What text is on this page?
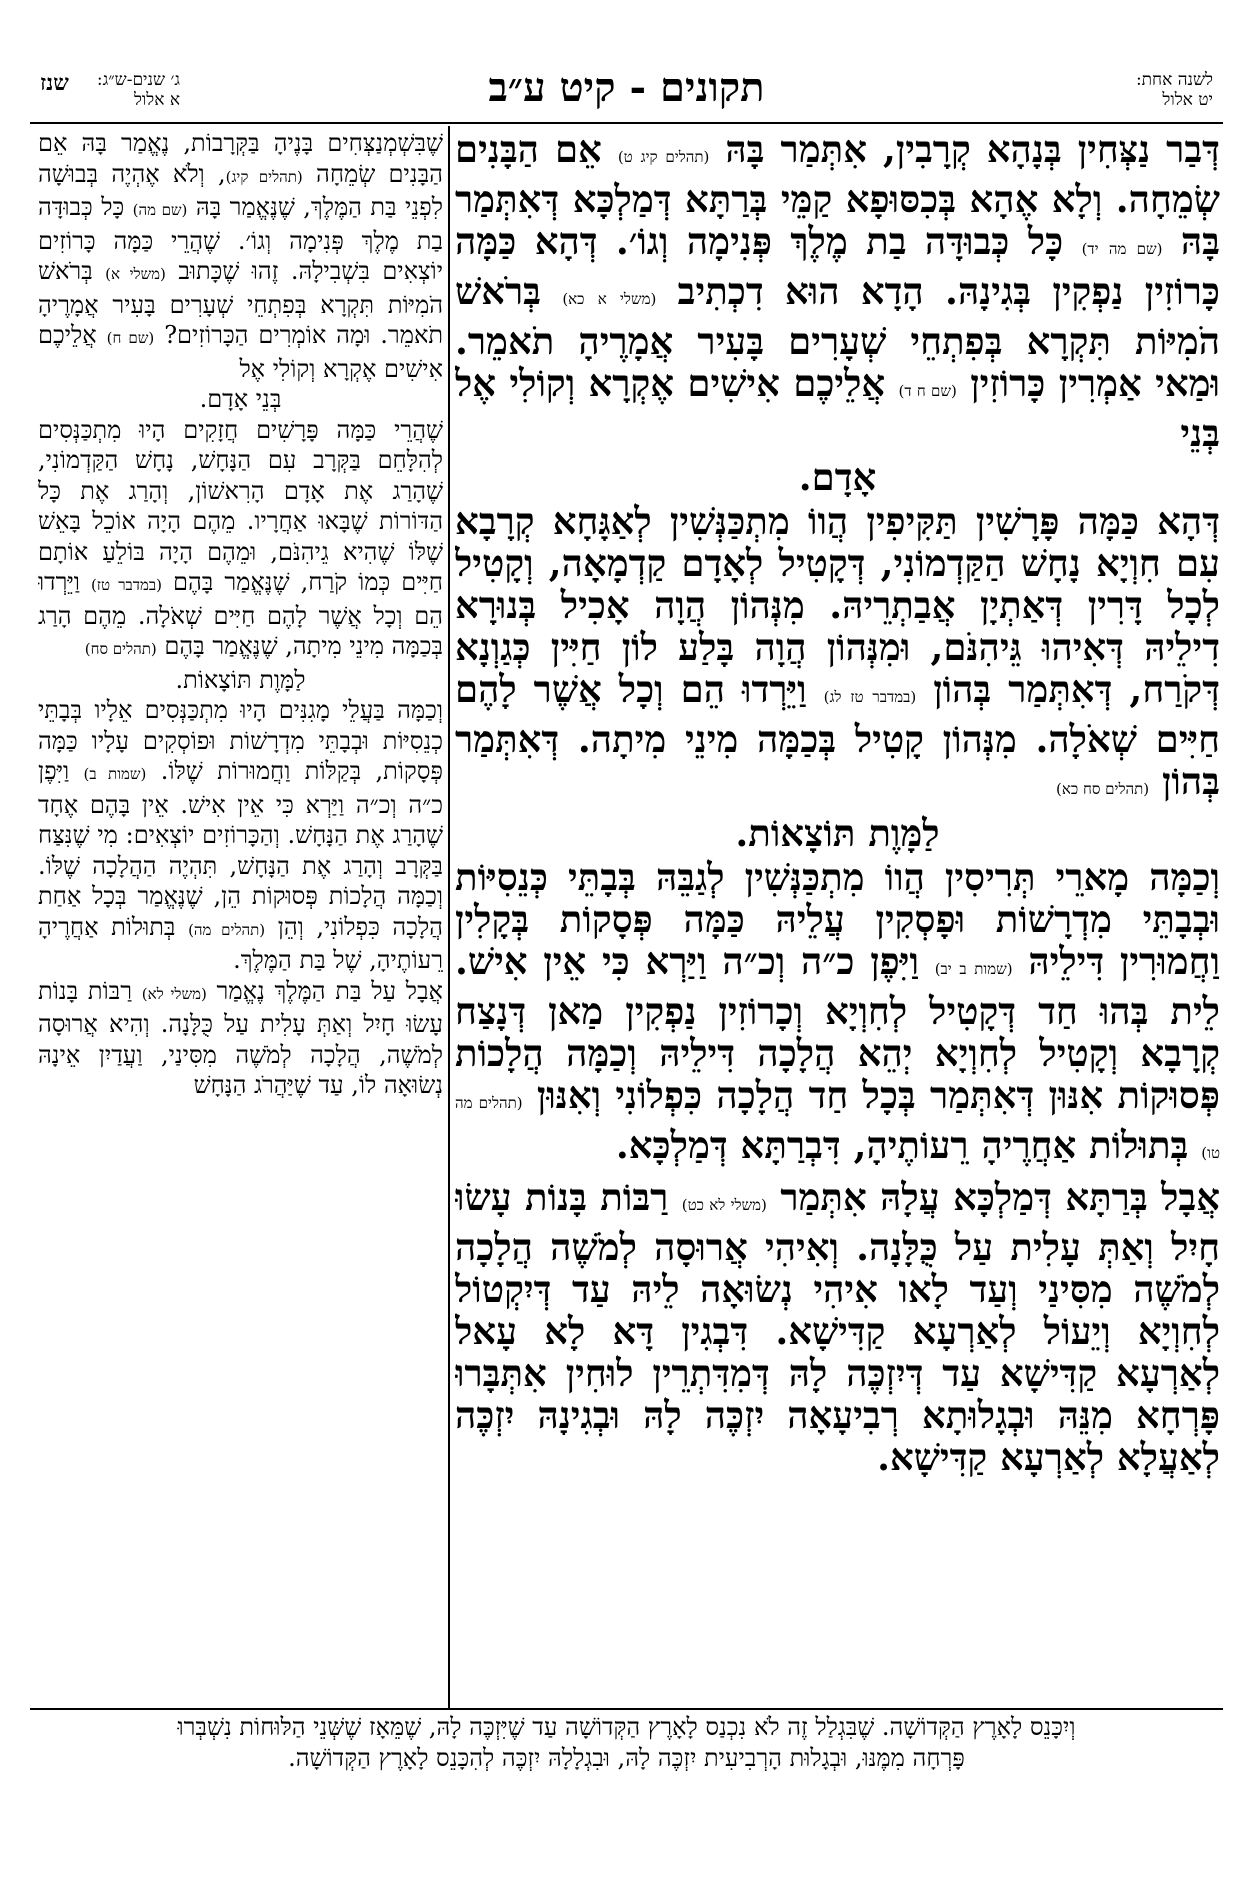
לשנה אחת:
יט אלול
תקונים - קיט ע״ב
שנז ג׳ שנים-ש״ג:
א אלול

דְּבַר נַצְּחִין בְּנָהָא קְרָבִין, אִתְּמַר בָּהּ (תהלים קיג ט) אֵם הַבָּנִים שְׂמֵחָה. וְלָא אֶהָא בְּכִסּוּפָא קַמֵּי בְּרַתָּא דְּמַלְכָּא דְּאִתְּמַר בָּהּ (שם מה יד) כָּל כְּבוּדָּה בַת מֶלֶךְ פְּנִימָה וְגוֹ׳. דְּהָא כַּמָּה כָּרוֹזִין נַפְקִין בְּגִינָהּ. הָדָא הוּא דִכְתִיב (משלי א כא) בְּרֹאשׁ הֹמִיּוֹת תִּקְרָא בְּפִתְחֵי שְׁעָרִים בָּעִיר אֲמָרֶיהָ תֹאמֵר. וּמַאי אַמְרִין כָּרוֹזִין (שם ח ד) אֲלֵיכֶם אִישִׁים אֶקְרָא וְקוֹלִי אֶל בְּנֵי

אָדָם.

דְּהָא כַּמָּה פָּרָשִׁין תַּקִּיפִין הֲווֹ מִתְכַּנְּשִׁין לְאַגָּחָא קְרָבָא עִם חִוְיָא נָחָשׁ הַקַּדְמוֹנִי, דְּקָטִיל לְאָדָם קַדְמָאָה, וְקָטִיל לְכָל דָּרִין דְּאַתְיָן אֲבַתְרֵיהּ. מִנְּהוֹן הֲוָה אָכִיל בְּנוּרָא דִילֵיהּ דְּאִיהוּ גֵּיהִנֹּם, וּמִנְּהוֹן הֲוָה בָּלַע לוֹן חַיִּין כְּגַוְנָא דְּקֹרַח, דְּאִתְּמַר בְּהוֹן (במדבר טז לג) וַיֵּרְדוּ הֵם וְכָל אֲשֶׁר לָהֶם חַיִּים שְׁאֹלָה. מִנְּהוֹן קָטִיל בְּכַמָּה מִינֵי מִיתָה. דְּאִתְּמַר בְּהוֹן (תהלים סח כא)

לַמָּוֶת תּוֹצָאוֹת.

וְכַמָּה מָארֵי תְּרִיסִין הֲווֹ מִתְכַּנְּשִׁין לְגַבֵּהּ בְּבָתֵּי כְּנֵסִיּוֹת וּבְבָתֵּי מִדְרָשׁוֹת וּפָסְקִין עֲלֵיהּ כַּמָּה פְּסָקוֹת בְּקָלִין וַחֲמוּרִין דִּילֵיהּ (שמות ב יב) וַיִּפֶן כ״ה וְכ״ה וַיַּרְא כִּי אֵין אִישׁ. לֵית בְּהוּ חַד דְּקָטִיל לְחִוְיָא וְכָרוֹזִין נַפְקִין מַאן דְּנָצַח קְרָבָא וְקָטִיל לְחִוְיָא יְהֵא הֲלָכָה דִּילֵיהּ וְכַמָּה הֲלָכוֹת פְּסוּקוֹת אִנּוּן דְּאִתְּמַר בְּכָל חַד הֲלָכָה כִּפְלוֹנִי וְאִנּוּן (תהלים מה טו) בְּתוּלוֹת אַחֲרֶיהָ רֵעוֹתֶיהָ, דִּבְרַתָּא דְּמַלְכָּא.

אֲבָל בְּרַתָּא דְּמַלְכָּא עֲלָהּ אִתְּמַר (משלי לא כט) רַבּוֹת בָּנוֹת עָשׂוּ חָיִל וְאַתְּ עָלִית עַל כֻּלָּנָה. וְאִיהִי אֲרוּסָה לְמֹשֶׁה הֲלָכָה לְמֹשֶׁה מִסִּינַי וְעַד לָאו אִיהִי נְשׂוּאָה לֵיהּ עַד דְּיִקְטוֹל לְחִוְיָא וְיֵעוֹל לְאַרְעָא קַדִּישָׁא. דִּבְגִין דָּא לָא עָאל לְאַרְעָא קַדִּישָׁא עַד דְּיִזְכֶּה לָהּ דְּמִדִּתְרֵין לוּחִין אִתְּבָּרוּ פָּרְחָא מִנֵּהּ וּבְגָלוּתָא רְבִיעָאָה יִזְכֶּה לָהּ וּבְגִינָהּ יִזְכֶּה לְאַעֲלָא לְאַרְעָא קַדִּישָׁא.

שֶׁבִּשְׁמְנַצְּחִים בָּנֶיהָ בַּקְּרָבוֹת, נֶאֱמַר בָּהּ אֵם הַבָּנִים שְׂמֵחָה (תהלים קיג), וְלֹא אֶהְיֶה בְּבוּשָׁה לִפְנֵי בַּת הַמֶּלֶךְ, שֶׁנֶּאֱמַר בָּהּ (שם מה) כָּל כְּבוּדָּה בַת מֶלֶךְ פְּנִימָה וְגוֹ׳. שֶׁהֲרֵי כַּמָּה כָּרוֹזִים יוֹצְאִים בִּשְׁבִילָהּ. זֶהוּ שֶׁכָּתוּב (משלי א) בְּרֹאשׁ הֹמִיּוֹת תִּקְרָא בְּפִתְחֵי שְׁעָרִים בָּעִיר אֲמָרֶיהָ תֹאמֵר. וּמָה אוֹמְרִים הַכָּרוֹזִים? (שם ח) אֲלֵיכֶם אִישִׁים אֶקְרָא וְקוֹלִי אֶל

בְּנֵי אָדָם.

שֶׁהֲרֵי כַּמָּה פָּרָשִׁים חֲזָקִים הָיוּ מִתְכַּנְּסִים לְהִלָּחֵם בַּקְּרָב עִם הַנָּחָשׁ, נָחָשׁ הַקַּדְמוֹנִי, שֶׁהָרַג אֶת אָדָם הָרִאשׁוֹן, וְהָרַג אֶת כָּל הַדּוֹרוֹת שֶׁבָּאוּ אַחֲרָיו. מֵהֶם הָיָה אוֹכֵל בָּאֵשׁ שֶׁלּוֹ שֶׁהִיא גֵיהִנֹּם, וּמֵהֶם הָיָה בּוֹלֵעַ אוֹתָם חַיִּים כְּמוֹ קֹרַח, שֶׁנֶּאֱמַר בָּהֶם (במדבר טז) וַיֵּרְדוּ הֵם וְכָל אֲשֶׁר לָהֶם חַיִּים שְׁאֹלָה. מֵהֶם הָרַג בְּכַמָּה מִינֵי מִיתָה, שֶׁנֶּאֱמַר בָּהֶם (תהלים סח)

לַמָּוֶת תּוֹצָאוֹת.

וְכַמָּה בַּעֲלֵי מָגִנִּים הָיוּ מִתְכַּנְּסִים אֵלָיו בְּבָתֵּי כְנֵסִיּוֹת וּבְבָתֵּי מִדְרָשׁוֹת וּפוֹסְקִים עָלָיו כַּמָּה פְּסָקוֹת, בְּקַלּוֹת וַחֲמוּרוֹת שֶׁלּוֹ. (שמות ב) וַיִּפֶן כ״ה וְכ״ה וַיַּרְא כִּי אֵין אִישׁ. אֵין בָּהֶם אֶחָד שֶׁהָרַג אֶת הַנָּחָשׁ. וְהַכָּרוֹזִים יוֹצְאִים: מִי שֶׁנִּצַּח בַּקְּרָב וְהָרַג אֶת הַנָּחָשׁ, תִּהְיֶה הַהֲלָכָה שֶׁלּוֹ. וְכַמָּה הֲלָכוֹת פְּסוּקוֹת הֵן, שֶׁנֶּאֱמַר בְּכָל אַחַת הֲלָכָה כִּפְלוֹנִי, וְהֵן (תהלים מה) בְּתוּלוֹת אַחֲרֶיהָ רֵעוֹתֶיהָ, שֶׁל בַּת הַמֶּלֶךְ.

אֲבָל עַל בַּת הַמֶּלֶךְ נֶאֱמַר (משלי לא) רַבּוֹת בָּנוֹת עָשׂוּ חָיִל וְאַתְּ עָלִית עַל כֻּלָּנָה. וְהִיא אֲרוּסָה לְמֹשֶׁה, הֲלָכָה לְמֹשֶׁה מִסִּינַי, וַעֲדַיִן אֵינָהּ נְשׂוּאָה לוֹ, עַד שֶׁיַּהֲרֹג הַנָּחָשׁ

וְיִכָּנֵס לָאָרֶץ הַקְּדוֹשָׁה. שֶׁבִּגְלַל זֶה לֹא נִכְנַס לָאָרֶץ הַקְּדוֹשָׁה עַד שֶׁיִּזְכֶּה לָהּ, שֶׁמֵּאָז שֶׁשְּׁנֵי הַלּוּחוֹת נִשְׁבְּרוּ

פָּרְחָה מִמֶּנּוּ, וּבְגָלוּת הָרְבִיעִית יִזְכֶּה לָהּ, וּבִגְלָלָהּ יִזְכֶּה לְהִכָּנֵס לָאָרֶץ הַקְּדוֹשָׁה.
